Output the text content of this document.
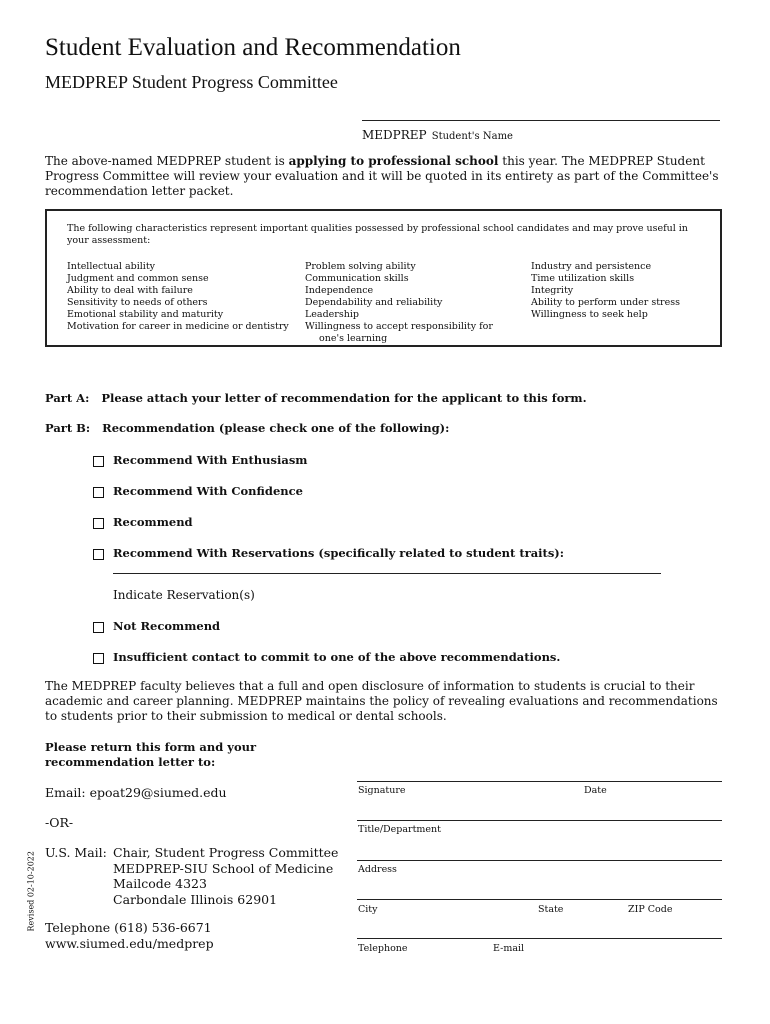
Student Evaluation and Recommendation
MEDPREP Student Progress Committee
MEDPREP Student's Name
The above-named MEDPREP student is applying to professional school this year. The MEDPREP Student Progress Committee will review your evaluation and it will be quoted in its entirety as part of the Committee's recommendation letter packet.
The following characteristics represent important qualities possessed by professional school candidates and may prove useful in your assessment:
Intellectual ability
Judgment and common sense
Ability to deal with failure
Sensitivity to needs of others
Emotional stability and maturity
Motivation for career in medicine or dentistry
Problem solving ability
Communication skills
Independence
Dependability and reliability
Leadership
Willingness to accept responsibility for
one's learning
Industry and persistence
Time utilization skills
Integrity
Ability to perform under stress
Willingness to seek help
Part A:   Please attach your letter of recommendation for the applicant to this form.
Part B:   Recommendation (please check one of the following):
Recommend With Enthusiasm
Recommend With Confidence
Recommend
Recommend With Reservations (specifically related to student traits):
Indicate Reservation(s)
Not Recommend
Insufficient contact to commit to one of the above recommendations.
The MEDPREP faculty believes that a full and open disclosure of information to students is crucial to their academic and career planning. MEDPREP maintains the policy of revealing evaluations and recommendations to students prior to their submission to medical or dental schools.
Please return this form and your
recommendation letter to:
Email: epoat29@siumed.edu
-OR-
U.S. Mail: Chair, Student Progress Committee
MEDPREP-SIU School of Medicine
Mailcode 4323
Carbondale Illinois 62901
Telephone (618) 536-6671
www.siumed.edu/medprep
Revised 02-10-2022
Signature	Date
Title/Department
Address
City	State	ZIP Code
Telephone	E-mail
